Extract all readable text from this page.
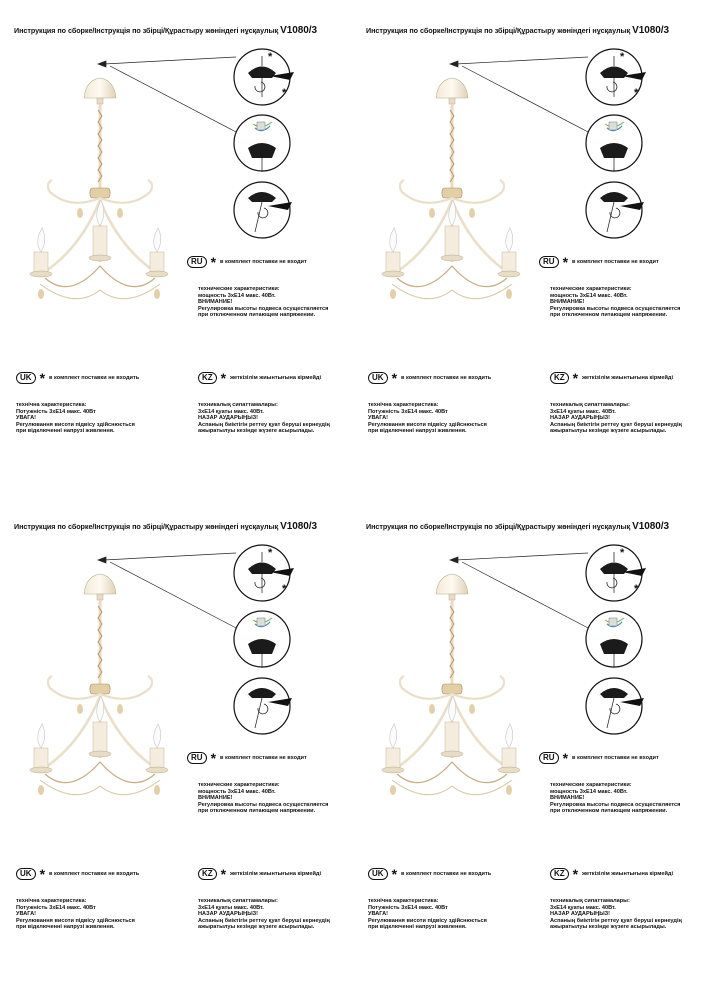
Инструкция по сборке/Інструкція по збірці/Құрастыру жөніндегі нұсқаулық V1080/3
*
*
RU * в комплект поставки не входит
технические характеристики:
мощность 3хЕ14 макс. 40Вт.
ВНИМАНИЕ!
Регулировка высоты подвеса осуществляется
при отключенном питающем напряжении.
UK * в комплект поставки не входить
технічна характеристика:
Потужність 3хЕ14 макс. 40Вт
УВАГА!
Регулювання висоти підвісу здійснюється
при відключенні напрузі живлення.
KZ * жеткізілім жиынтығына кірмейді
техникалық сипаттамалары:
3хЕ14 қуаты макс. 40Вт.
НАЗАР АУДАРЫҢЫЗ!
Аспаның биіктігін реттеу қуат беруші кернеудің
ажыратылуы кезінде жүзеге асырылады.
Инструкция по сборке/Інструкція по збірці/Құрастыру жөніндегі нұсқаулық V1080/3
*
*
RU * в комплект поставки не входит
технические характеристики:
мощность 3хЕ14 макс. 40Вт.
ВНИМАНИЕ!
Регулировка высоты подвеса осуществляется
при отключенном питающем напряжении.
UK * в комплект поставки не входить
технічна характеристика:
Потужність 3хЕ14 макс. 40Вт
УВАГА!
Регулювання висоти підвісу здійснюється
при відключенні напрузі живлення.
KZ * жеткізілім жиынтығына кірмейді
техникалық сипаттамалары:
3хЕ14 қуаты макс. 40Вт.
НАЗАР АУДАРЫҢЫЗ!
Аспаның биіктігін реттеу қуат беруші кернеудің
ажыратылуы кезінде жүзеге асырылады.
Инструкция по сборке/Інструкція по збірці/Құрастыру жөніндегі нұсқаулық V1080/3
*
*
RU * в комплект поставки не входит
технические характеристики:
мощность 3хЕ14 макс. 40Вт.
ВНИМАНИЕ!
Регулировка высоты подвеса осуществляется
при отключенном питающем напряжении.
UK * в комплект поставки не входить
технічна характеристика:
Потужність 3хЕ14 макс. 40Вт
УВАГА!
Регулювання висоти підвісу здійснюється
при відключенні напрузі живлення.
KZ * жеткізілім жиынтығына кірмейді
техникалық сипаттамалары:
3хЕ14 қуаты макс. 40Вт.
НАЗАР АУДАРЫҢЫЗ!
Аспаның биіктігін реттеу қуат беруші кернеудің
ажыратылуы кезінде жүзеге асырылады.
Инструкция по сборке/Інструкція по збірці/Құрастыру жөніндегі нұсқаулық V1080/3
*
*
RU * в комплект поставки не входит
технические характеристики:
мощность 3хЕ14 макс. 40Вт.
ВНИМАНИЕ!
Регулировка высоты подвеса осуществляется
при отключенном питающем напряжении.
UK * в комплект поставки не входить
технічна характеристика:
Потужність 3хЕ14 макс. 40Вт
УВАГА!
Регулювання висоти підвісу здійснюється
при відключенні напрузі живлення.
KZ * жеткізілім жиынтығына кірмейді
техникалық сипаттамалары:
3хЕ14 қуаты макс. 40Вт.
НАЗАР АУДАРЫҢЫЗ!
Аспаның биіктігін реттеу қуат беруші кернеудің
ажыратылуы кезінде жүзеге асырылады.
